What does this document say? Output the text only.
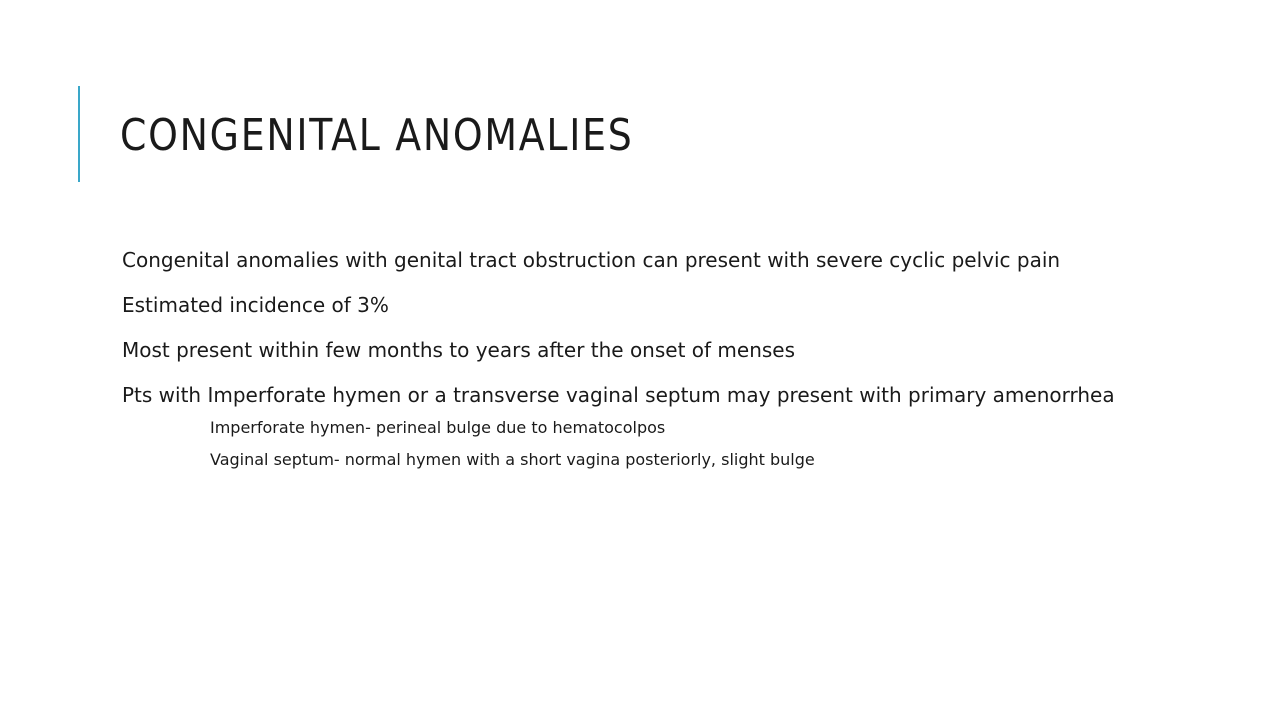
CONGENITAL ANOMALIES

Congenital anomalies with genital tract obstruction can present with severe cyclic pelvic pain

Estimated incidence of 3%

Most present within few months to years after the onset of menses

Pts with Imperforate hymen or a transverse vaginal septum may present with primary amenorrhea

Imperforate hymen- perineal bulge due to hematocolpos

Vaginal septum- normal hymen with a short vagina posteriorly, slight bulge
